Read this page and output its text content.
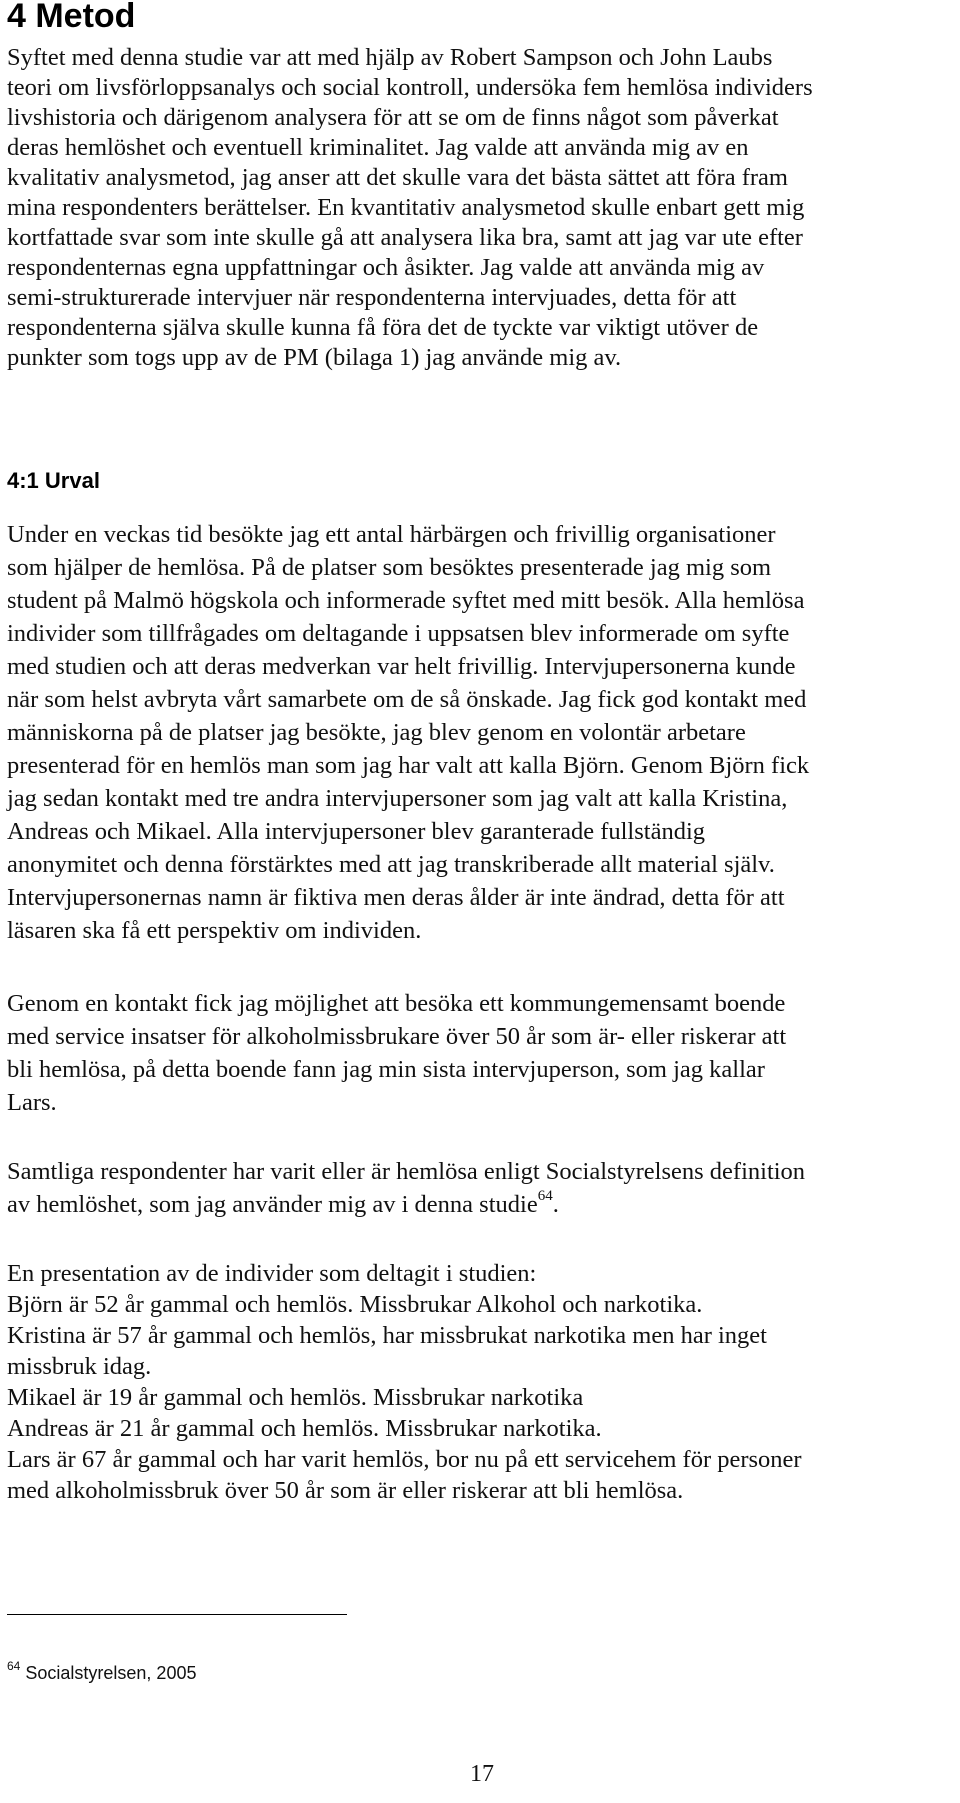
4 Metod

Syftet med denna studie var att med hjälp av Robert Sampson och John Laubs

teori om livsförloppsanalys och social kontroll, undersöka fem hemlösa individers

livshistoria och därigenom analysera för att se om de finns något som påverkat

deras hemlöshet och eventuell kriminalitet. Jag valde att använda mig av en

kvalitativ analysmetod, jag anser att det skulle vara det bästa sättet att föra fram

mina respondenters berättelser. En kvantitativ analysmetod skulle enbart gett mig

kortfattade svar som inte skulle gå att analysera lika bra, samt att jag var ute efter

respondenternas egna uppfattningar och åsikter. Jag valde att använda mig av

semi-strukturerade intervjuer när respondenterna intervjuades, detta för att

respondenterna själva skulle kunna få föra det de tyckte var viktigt utöver de

punkter som togs upp av de PM (bilaga 1) jag använde mig av.

4:1 Urval

Under en veckas tid besökte jag ett antal härbärgen och frivillig organisationer

som hjälper de hemlösa. På de platser som besöktes presenterade jag mig som

student på Malmö högskola och informerade syftet med mitt besök. Alla hemlösa

individer som tillfrågades om deltagande i uppsatsen blev informerade om syfte

med studien och att deras medverkan var helt frivillig. Intervjupersonerna kunde

när som helst avbryta vårt samarbete om de så önskade. Jag fick god kontakt med

människorna på de platser jag besökte, jag blev genom en volontär arbetare

presenterad för en hemlös man som jag har valt att kalla Björn. Genom Björn fick

jag sedan kontakt med tre andra intervjupersoner som jag valt att kalla Kristina,

Andreas och Mikael. Alla intervjupersoner blev garanterade fullständig

anonymitet och denna förstärktes med att jag transkriberade allt material själv.

Intervjupersonernas namn är fiktiva men deras ålder är inte ändrad, detta för att

läsaren ska få ett perspektiv om individen.

Genom en kontakt fick jag möjlighet att besöka ett kommungemensamt boende

med service insatser för alkoholmissbrukare över 50 år som är- eller riskerar att

bli hemlösa, på detta boende fann jag min sista intervjuperson, som jag kallar

Lars.

Samtliga respondenter har varit eller är hemlösa enligt Socialstyrelsens definition

av hemlöshet, som jag använder mig av i denna studie$^{64}$.

En presentation av de individer som deltagit i studien:

Björn är 52 år gammal och hemlös. Missbrukar Alkohol och narkotika.

Kristina är 57 år gammal och hemlös, har missbrukat narkotika men har inget

missbruk idag.

Mikael är 19 år gammal och hemlös. Missbrukar narkotika

Andreas är 21 år gammal och hemlös. Missbrukar narkotika.

Lars är 67 år gammal och har varit hemlös, bor nu på ett servicehem för personer

med alkoholmissbruk över 50 år som är eller riskerar att bli hemlösa.

$^{64}$ Socialstyrelsen, 2005
17
